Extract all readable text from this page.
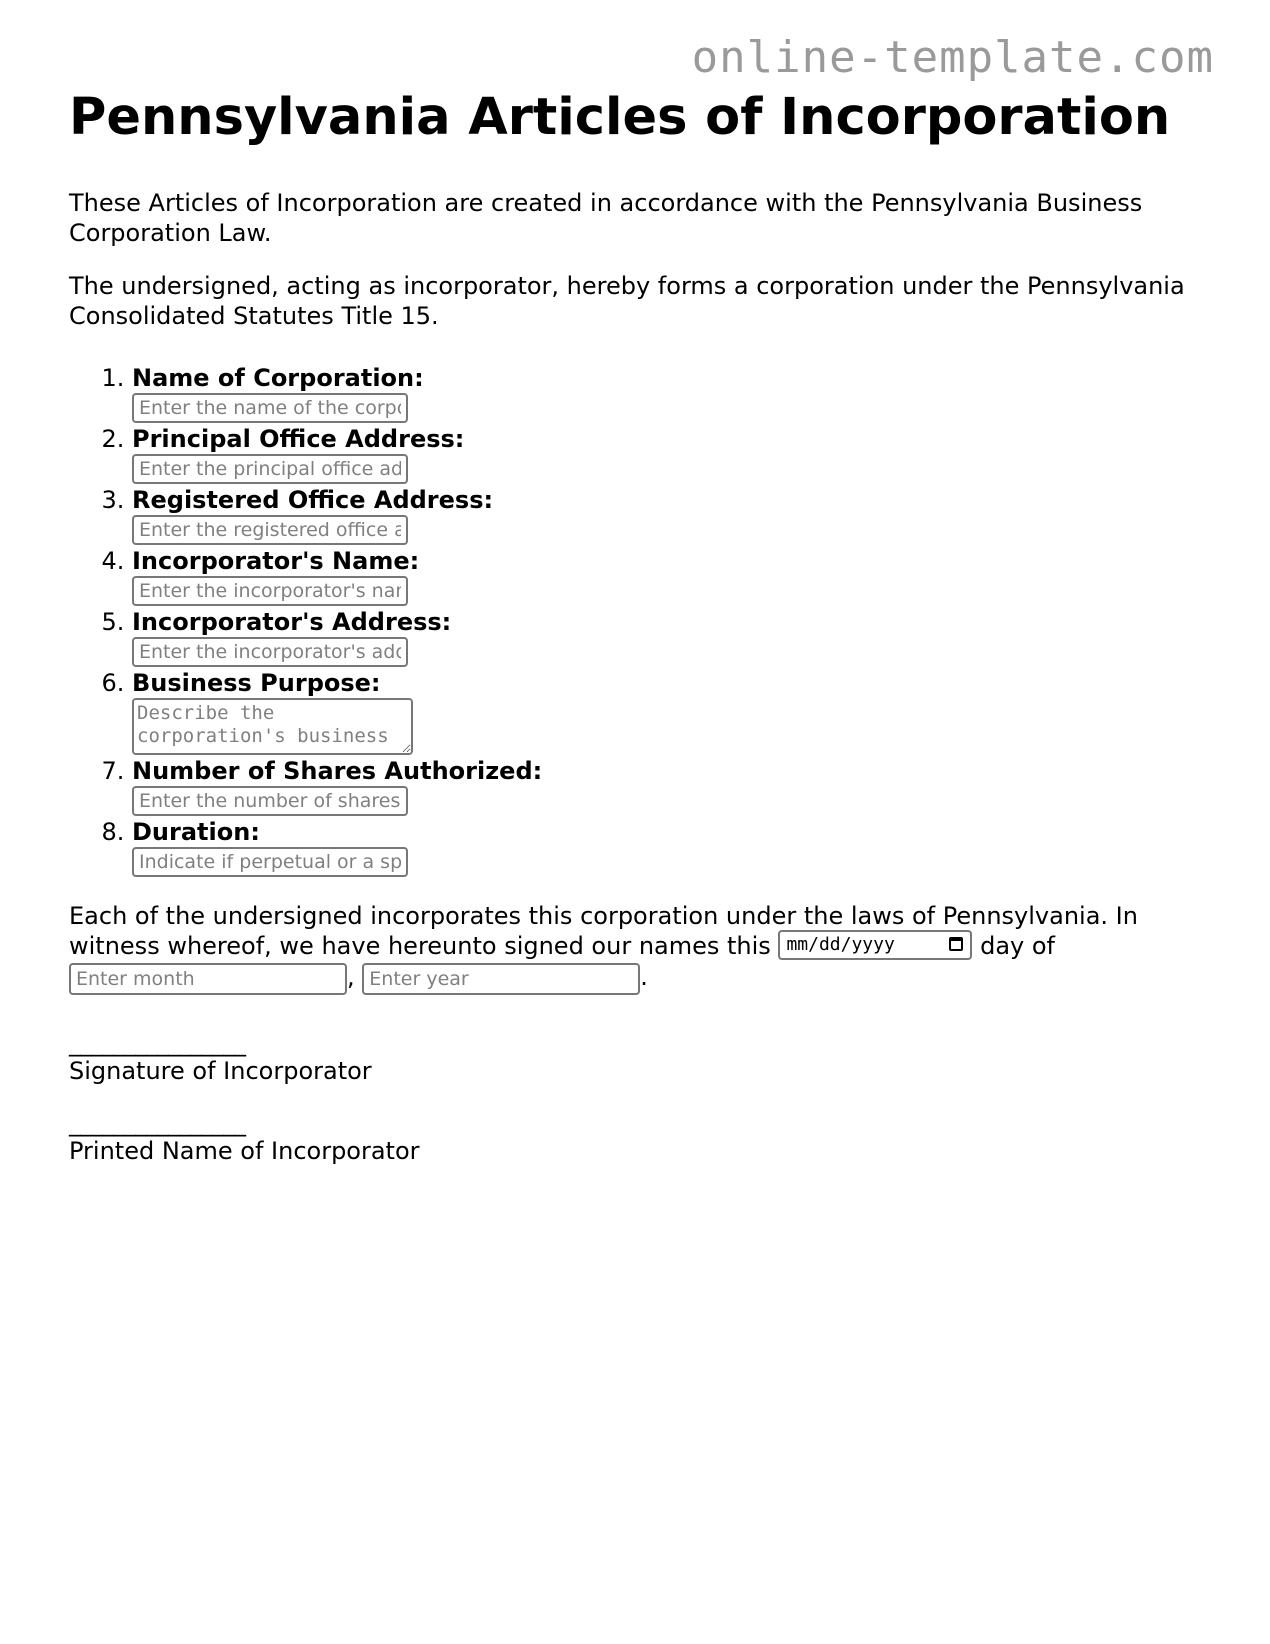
online-template.com
Pennsylvania Articles of Incorporation

These Articles of Incorporation are created in accordance with the Pennsylvania Business Corporation Law.

The undersigned, acting as incorporator, hereby forms a corporation under the Pennsylvania Consolidated Statutes Title 15.

1. Name of Corporation:
Enter the name of the corporation
2. Principal Office Address:
Enter the principal office address
3. Registered Office Address:
Enter the registered office address
4. Incorporator's Name:
Enter the incorporator's name
5. Incorporator's Address:
Enter the incorporator's address
6. Business Purpose:
Describe the corporation's business purpose
7. Number of Shares Authorized:
Enter the number of shares
8. Duration:
Indicate if perpetual or a specific duration
Each of the undersigned incorporates this corporation under the laws of Pennsylvania. In witness whereof, we have hereunto signed our names this mm/dd/yyyy	day of
Enter month, Enter year	.
________________
Signature of Incorporator
________________
Printed Name of Incorporator
